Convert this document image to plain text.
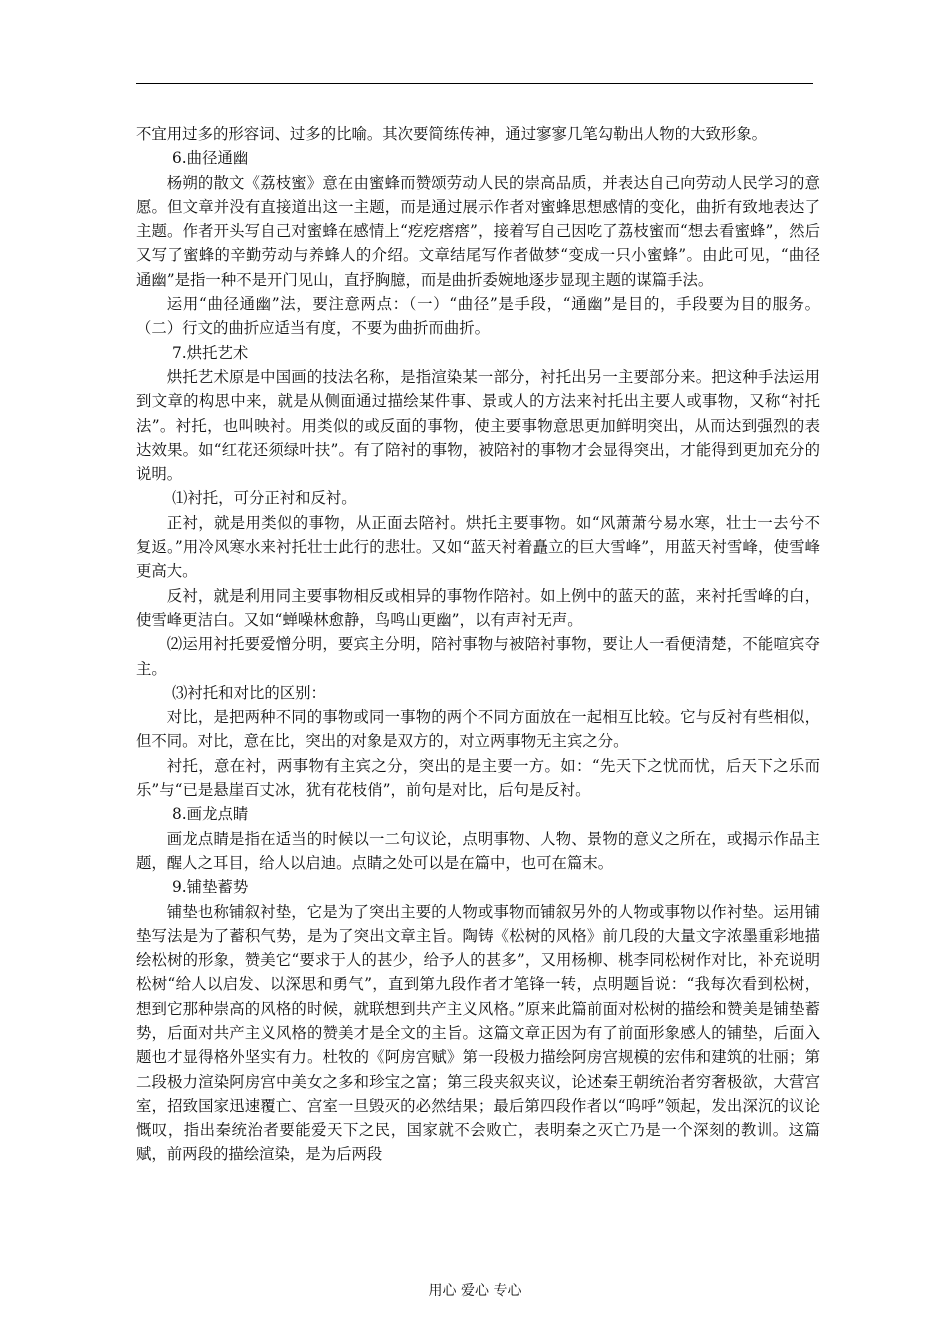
不宜用过多的形容词、过多的比喻。其次要简练传神，通过寥寥几笔勾勒出人物的大致形象。

6.曲径通幽

杨朔的散文《荔枝蜜》意在由蜜蜂而赞颂劳动人民的崇高品质，并表达自己向劳动人民学习的意愿。但文章并没有直接道出这一主题，而是通过展示作者对蜜蜂思想感情的变化，曲折有致地表达了主题。作者开头写自己对蜜蜂在感情上“疙疙瘩瘩”，接着写自己因吃了荔枝蜜而“想去看蜜蜂”，然后又写了蜜蜂的辛勤劳动与养蜂人的介绍。文章结尾写作者做梦“变成一只小蜜蜂”。由此可见，“曲径通幽”是指一种不是开门见山，直抒胸臆，而是曲折委婉地逐步显现主题的谋篇手法。

运用“曲径通幽”法，要注意两点：（一）“曲径”是手段，“通幽”是目的，手段要为目的服务。（二）行文的曲折应适当有度，不要为曲折而曲折。

7.烘托艺术

烘托艺术原是中国画的技法名称，是指渲染某一部分，衬托出另一主要部分来。把这种手法运用到文章的构思中来，就是从侧面通过描绘某件事、景或人的方法来衬托出主要人或事物，又称“衬托法”。衬托，也叫映衬。用类似的或反面的事物，使主要事物意思更加鲜明突出，从而达到强烈的表达效果。如“红花还须绿叶扶”。有了陪衬的事物，被陪衬的事物才会显得突出，才能得到更加充分的说明。

⑴衬托，可分正衬和反衬。

正衬，就是用类似的事物，从正面去陪衬。烘托主要事物。如“风萧萧兮易水寒，壮士一去兮不复返。”用冷风寒水来衬托壮士此行的悲壮。又如“蓝天衬着矗立的巨大雪峰”，用蓝天衬雪峰，使雪峰更高大。

反衬，就是利用同主要事物相反或相异的事物作陪衬。如上例中的蓝天的蓝，来衬托雪峰的白，使雪峰更洁白。又如“蝉噪林愈静，鸟鸣山更幽”，以有声衬无声。

⑵运用衬托要爱憎分明，要宾主分明，陪衬事物与被陪衬事物，要让人一看便清楚，不能喧宾夺主。

⑶衬托和对比的区别：

对比，是把两种不同的事物或同一事物的两个不同方面放在一起相互比较。它与反衬有些相似，但不同。对比，意在比，突出的对象是双方的，对立两事物无主宾之分。

衬托，意在衬，两事物有主宾之分，突出的是主要一方。如：“先天下之忧而忧，后天下之乐而乐”与“已是悬崖百丈冰，犹有花枝俏”，前句是对比，后句是反衬。

8.画龙点睛

画龙点睛是指在适当的时候以一二句议论，点明事物、人物、景物的意义之所在，或揭示作品主题，醒人之耳目，给人以启迪。点睛之处可以是在篇中，也可在篇末。

9.铺垫蓄势

铺垫也称铺叙衬垫，它是为了突出主要的人物或事物而铺叙另外的人物或事物以作衬垫。运用铺垫写法是为了蓄积气势，是为了突出文章主旨。陶铸《松树的风格》前几段的大量文字浓墨重彩地描绘松树的形象，赞美它“要求于人的甚少，给予人的甚多”，又用杨柳、桃李同松树作对比，补充说明松树“给人以启发、以深思和勇气”，直到第九段作者才笔锋一转，点明题旨说：“我每次看到松树，想到它那种崇高的风格的时候，就联想到共产主义风格。”原来此篇前面对松树的描绘和赞美是铺垫蓄势，后面对共产主义风格的赞美才是全文的主旨。这篇文章正因为有了前面形象感人的铺垫，后面入题也才显得格外坚实有力。杜牧的《阿房宫赋》第一段极力描绘阿房宫规模的宏伟和建筑的壮丽；第二段极力渲染阿房宫中美女之多和珍宝之富；第三段夹叙夹议，论述秦王朝统治者穷奢极欲，大营宫室，招致国家迅速覆亡、宫室一旦毁灭的必然结果；最后第四段作者以“呜呼”领起，发出深沉的议论慨叹，指出秦统治者要能爱天下之民，国家就不会败亡，表明秦之灭亡乃是一个深刻的教训。这篇赋，前两段的描绘渲染，是为后两段

用心 爱心 专心
